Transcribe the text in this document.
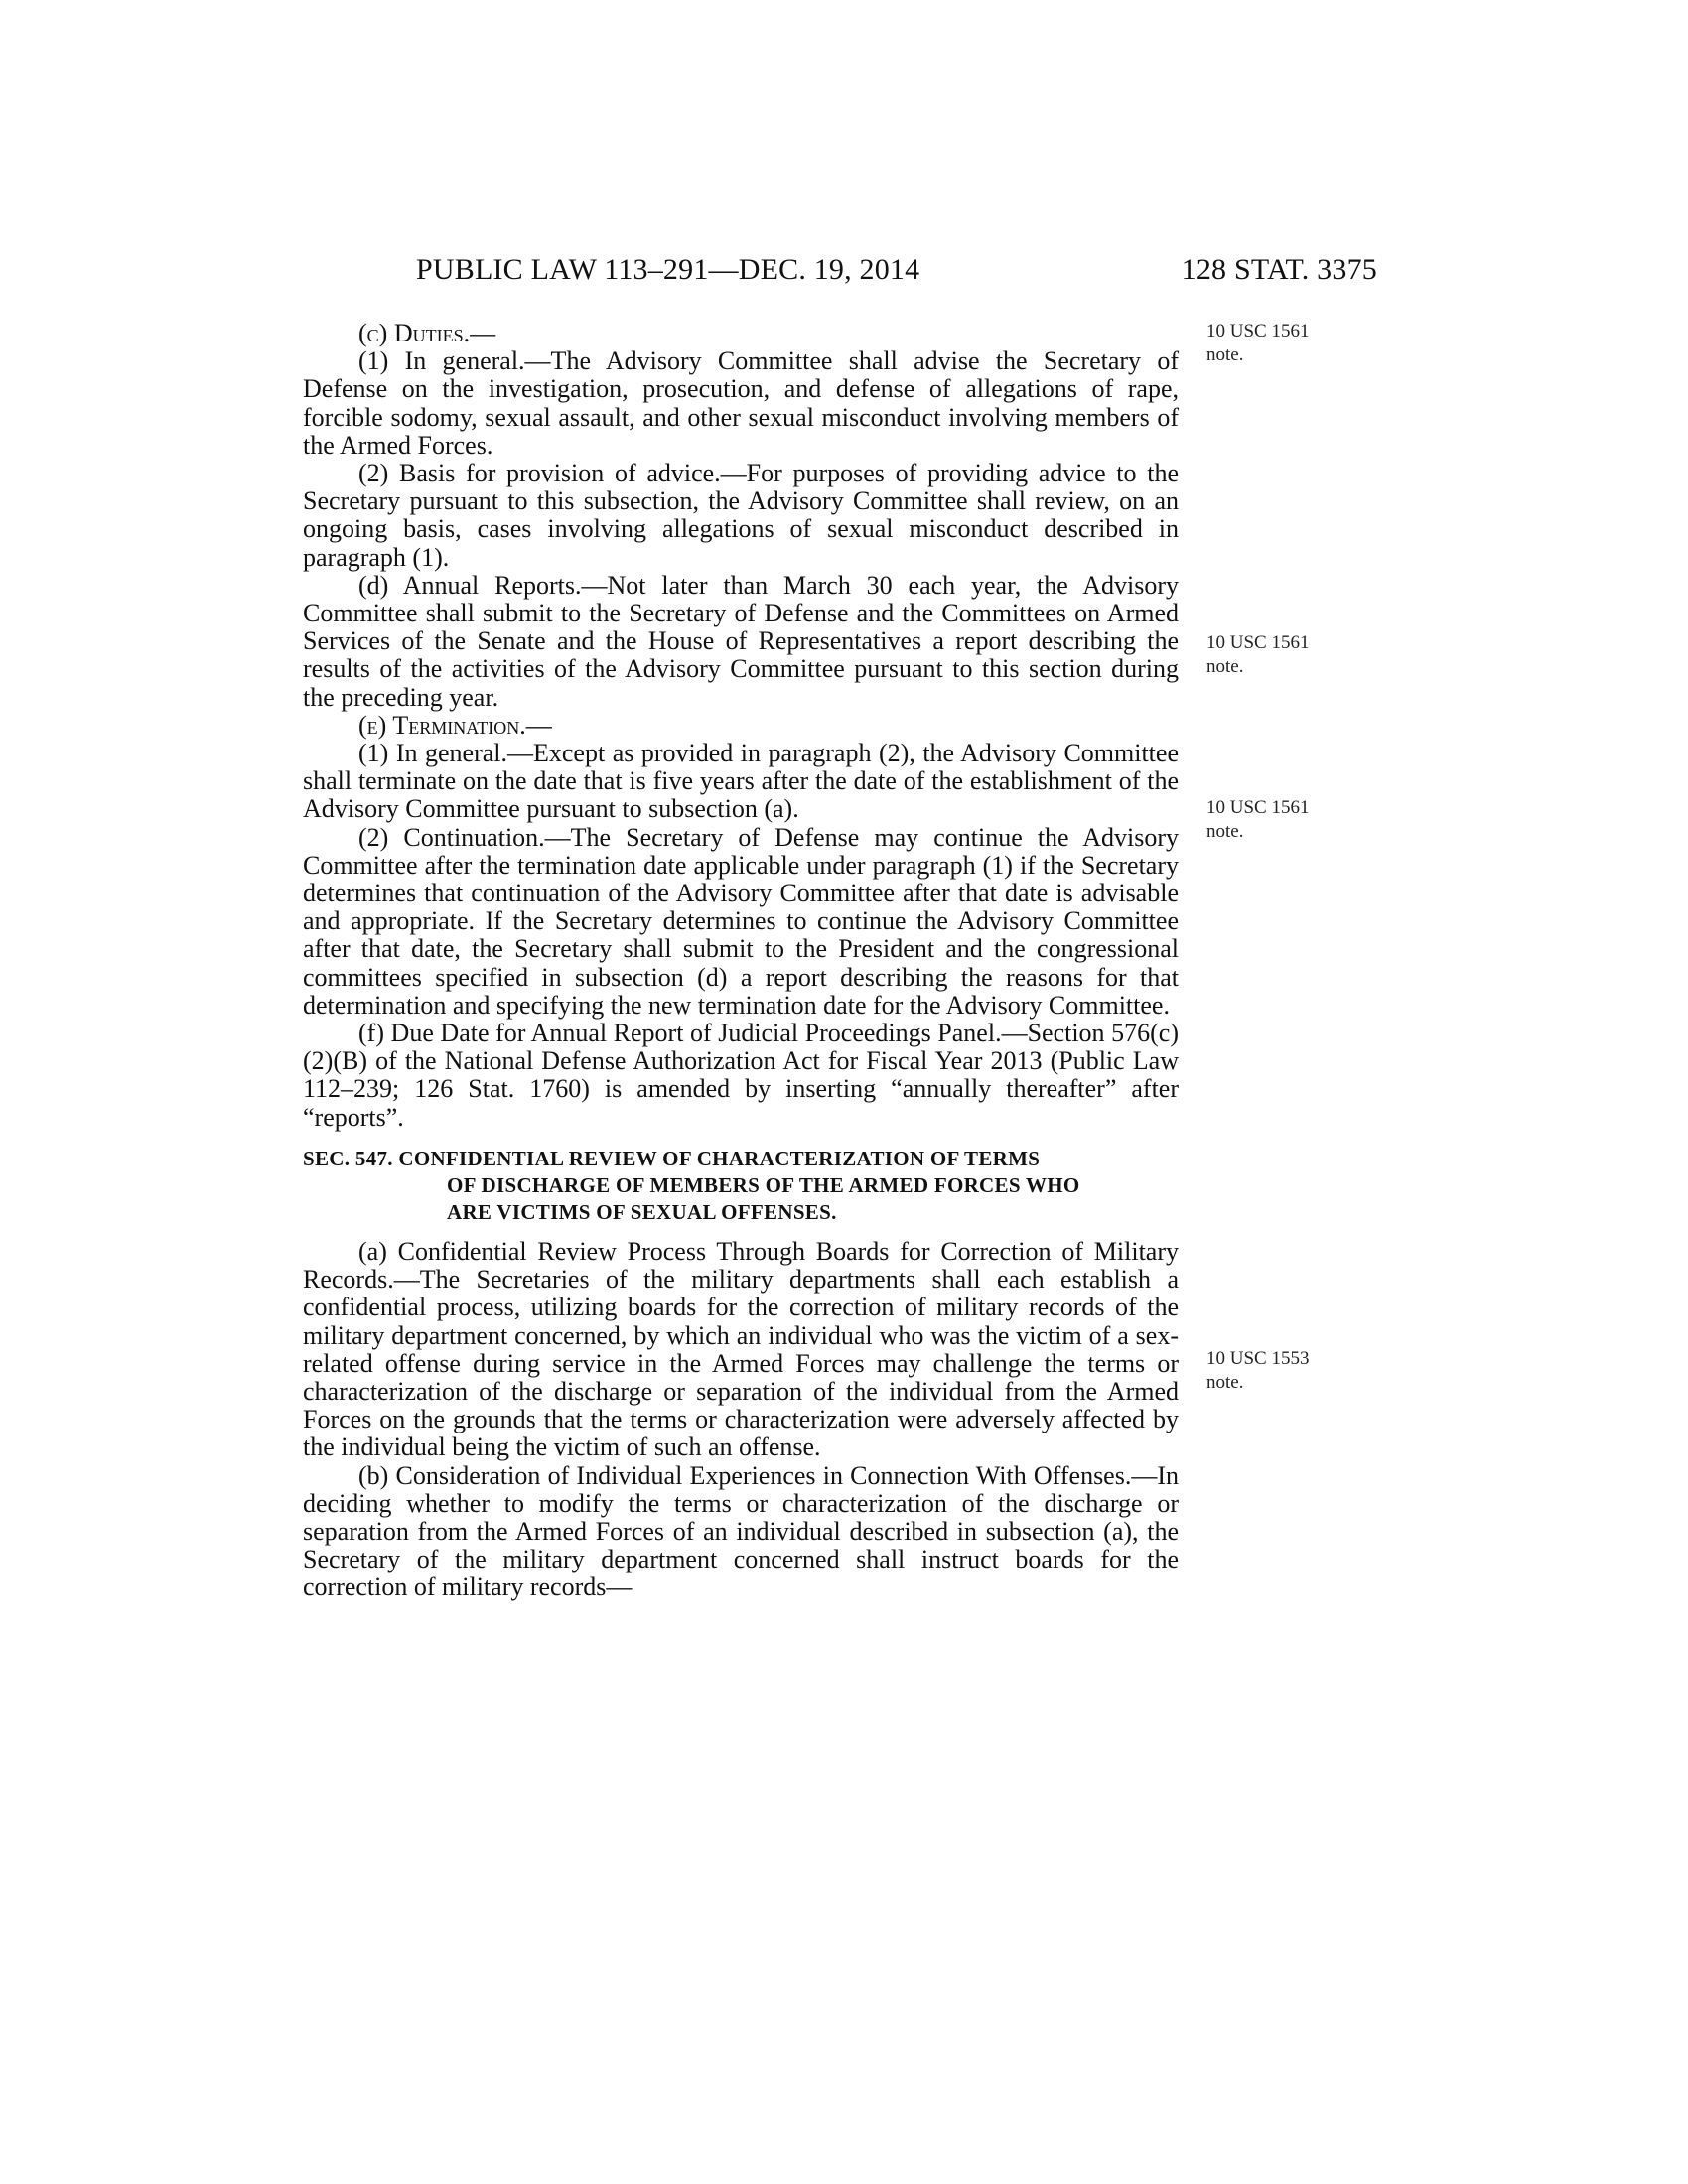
PUBLIC LAW 113–291—DEC. 19, 2014	128 STAT. 3375

(c) Duties.—

(1) In general.—The Advisory Committee shall advise the Secretary of Defense on the investigation, prosecution, and defense of allegations of rape, forcible sodomy, sexual assault, and other sexual misconduct involving members of the Armed Forces.

(2) Basis for provision of advice.—For purposes of providing advice to the Secretary pursuant to this subsection, the Advisory Committee shall review, on an ongoing basis, cases involving allegations of sexual misconduct described in paragraph (1).

(d) Annual Reports.—Not later than March 30 each year, the Advisory Committee shall submit to the Secretary of Defense and the Committees on Armed Services of the Senate and the House of Representatives a report describing the results of the activities of the Advisory Committee pursuant to this section during the preceding year.

(e) Termination.—

(1) In general.—Except as provided in paragraph (2), the Advisory Committee shall terminate on the date that is five years after the date of the establishment of the Advisory Committee pursuant to subsection (a).

(2) Continuation.—The Secretary of Defense may continue the Advisory Committee after the termination date applicable under paragraph (1) if the Secretary determines that continuation of the Advisory Committee after that date is advisable and appropriate. If the Secretary determines to continue the Advisory Committee after that date, the Secretary shall submit to the President and the congressional committees specified in subsection (d) a report describing the reasons for that determination and specifying the new termination date for the Advisory Committee.

(f) Due Date for Annual Report of Judicial Proceedings Panel.—Section 576(c)(2)(B) of the National Defense Authorization Act for Fiscal Year 2013 (Public Law 112–239; 126 Stat. 1760) is amended by inserting “annually thereafter” after “reports”.

SEC. 547. CONFIDENTIAL REVIEW OF CHARACTERIZATION OF TERMS
OF DISCHARGE OF MEMBERS OF THE ARMED FORCES WHO
ARE VICTIMS OF SEXUAL OFFENSES.

(a) Confidential Review Process Through Boards for Correction of Military Records.—The Secretaries of the military departments shall each establish a confidential process, utilizing boards for the correction of military records of the military department concerned, by which an individual who was the victim of a sex-related offense during service in the Armed Forces may challenge the terms or characterization of the discharge or separation of the individual from the Armed Forces on the grounds that the terms or characterization were adversely affected by the individual being the victim of such an offense.

(b) Consideration of Individual Experiences in Connection With Offenses.—In deciding whether to modify the terms or characterization of the discharge or separation from the Armed Forces of an individual described in subsection (a), the Secretary of the military department concerned shall instruct boards for the correction of military records—

10 USC 1561
note.
10 USC 1561
note.
10 USC 1561
note.
10 USC 1553
note.
